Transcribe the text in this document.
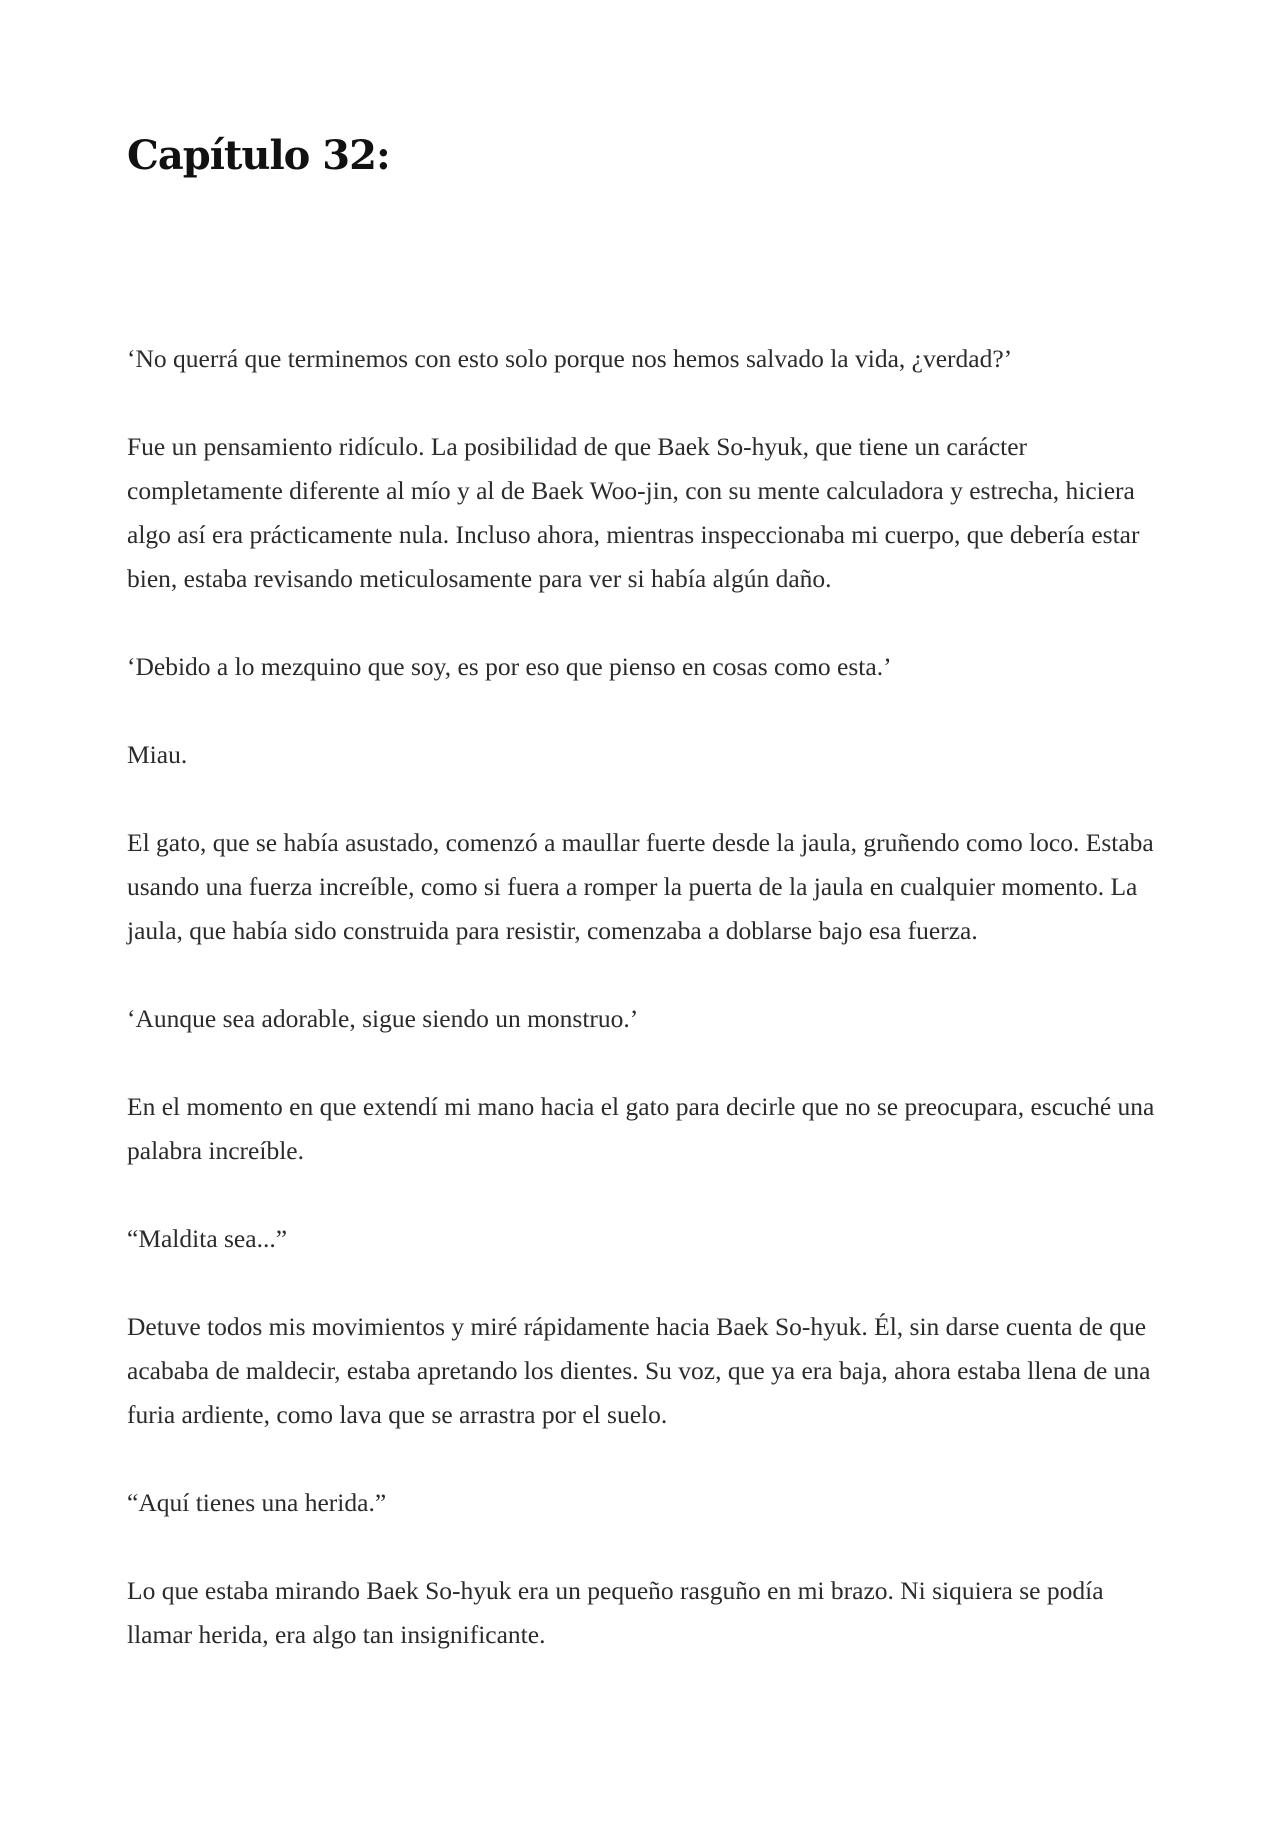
Capítulo 32:

‘No querrá que terminemos con esto solo porque nos hemos salvado la vida, ¿verdad?’

Fue un pensamiento ridículo. La posibilidad de que Baek So-hyuk, que tiene un carácter completamente diferente al mío y al de Baek Woo-jin, con su mente calculadora y estrecha, hiciera algo así era prácticamente nula. Incluso ahora, mientras inspeccionaba mi cuerpo, que debería estar bien, estaba revisando meticulosamente para ver si había algún daño.

‘Debido a lo mezquino que soy, es por eso que pienso en cosas como esta.’

Miau.

El gato, que se había asustado, comenzó a maullar fuerte desde la jaula, gruñendo como loco. Estaba usando una fuerza increíble, como si fuera a romper la puerta de la jaula en cualquier momento. La jaula, que había sido construida para resistir, comenzaba a doblarse bajo esa fuerza.

‘Aunque sea adorable, sigue siendo un monstruo.’

En el momento en que extendí mi mano hacia el gato para decirle que no se preocupara, escuché una palabra increíble.

“Maldita sea...”

Detuve todos mis movimientos y miré rápidamente hacia Baek So-hyuk. Él, sin darse cuenta de que acababa de maldecir, estaba apretando los dientes. Su voz, que ya era baja, ahora estaba llena de una furia ardiente, como lava que se arrastra por el suelo.

“Aquí tienes una herida.”

Lo que estaba mirando Baek So-hyuk era un pequeño rasguño en mi brazo. Ni siquiera se podía llamar herida, era algo tan insignificante.
